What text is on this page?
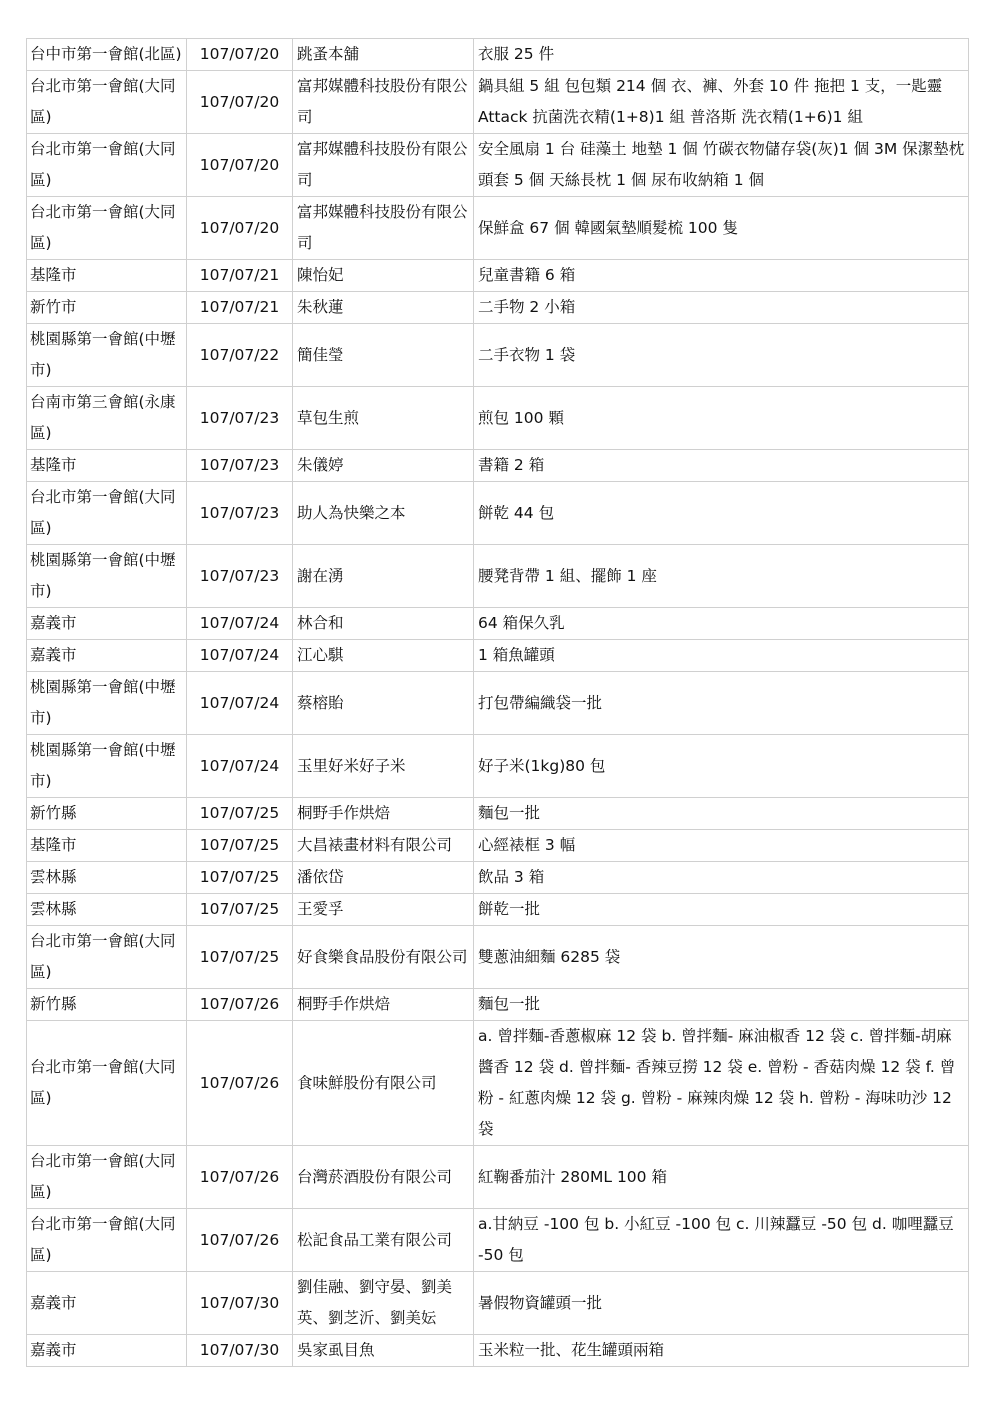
台中市第一會館(北區)	107/07/20	跳蚤本舖	衣服 25 件
台北市第一會館(大同區)	107/07/20	富邦媒體科技股份有限公司	鍋具組 5 組 包包類 214 個 衣、褲、外套 10 件 拖把 1 支，一匙靈 Attack 抗菌洗衣精(1+8)1 組 普洛斯 洗衣精(1+6)1 組
台北市第一會館(大同區)	107/07/20	富邦媒體科技股份有限公司	安全風扇 1 台 硅藻土 地墊 1 個 竹碳衣物儲存袋(灰)1 個 3M 保潔墊枕頭套 5 個 天絲長枕 1 個 尿布收納箱 1 個
台北市第一會館(大同區)	107/07/20	富邦媒體科技股份有限公司	保鮮盒 67 個 韓國氣墊順髮梳 100 隻
基隆市	107/07/21	陳怡妃	兒童書籍 6 箱
新竹市	107/07/21	朱秋蓮	二手物 2 小箱
桃園縣第一會館(中壢市)	107/07/22	簡佳瑩	二手衣物 1 袋
台南市第三會館(永康區)	107/07/23	草包生煎	煎包 100 顆
基隆市	107/07/23	朱儀婷	書籍 2 箱
台北市第一會館(大同區)	107/07/23	助人為快樂之本	餅乾 44 包
桃園縣第一會館(中壢市)	107/07/23	謝在湧	腰凳背帶 1 組、擺飾 1 座
嘉義市	107/07/24	林合和	64 箱保久乳
嘉義市	107/07/24	江心騏	1 箱魚罐頭
桃園縣第一會館(中壢市)	107/07/24	蔡榕貽	打包帶編織袋一批
桃園縣第一會館(中壢市)	107/07/24	玉里好米好子米	好子米(1kg)80 包
新竹縣	107/07/25	桐野手作烘焙	麵包一批
基隆市	107/07/25	大昌裱畫材料有限公司	心經裱框 3 幅
雲林縣	107/07/25	潘依岱	飲品 3 箱
雲林縣	107/07/25	王愛孚	餅乾一批
台北市第一會館(大同區)	107/07/25	好食樂食品股份有限公司	雙蔥油細麵 6285 袋
新竹縣	107/07/26	桐野手作烘焙	麵包一批
台北市第一會館(大同區)	107/07/26	食味鮮股份有限公司	a. 曾拌麵-香蔥椒麻 12 袋 b. 曾拌麵- 麻油椒香 12 袋 c. 曾拌麵-胡麻醬香 12 袋 d. 曾拌麵- 香辣豆撈 12 袋 e. 曾粉 - 香菇肉燥 12 袋 f. 曾粉 - 紅蔥肉燥 12 袋 g. 曾粉 - 麻辣肉燥 12 袋 h. 曾粉 - 海味叻沙 12 袋
台北市第一會館(大同區)	107/07/26	台灣菸酒股份有限公司	紅鞠番茄汁 280ML 100 箱
台北市第一會館(大同區)	107/07/26	松記食品工業有限公司	a.甘納豆 -100 包 b. 小紅豆 -100 包 c. 川辣蠶豆 -50 包 d. 咖哩蠶豆 -50 包
嘉義市	107/07/30	劉佳融、劉守晏、劉美英、劉芝沂、劉美妘	暑假物資罐頭一批
嘉義市	107/07/30	吳家虱目魚	玉米粒一批、花生罐頭兩箱
